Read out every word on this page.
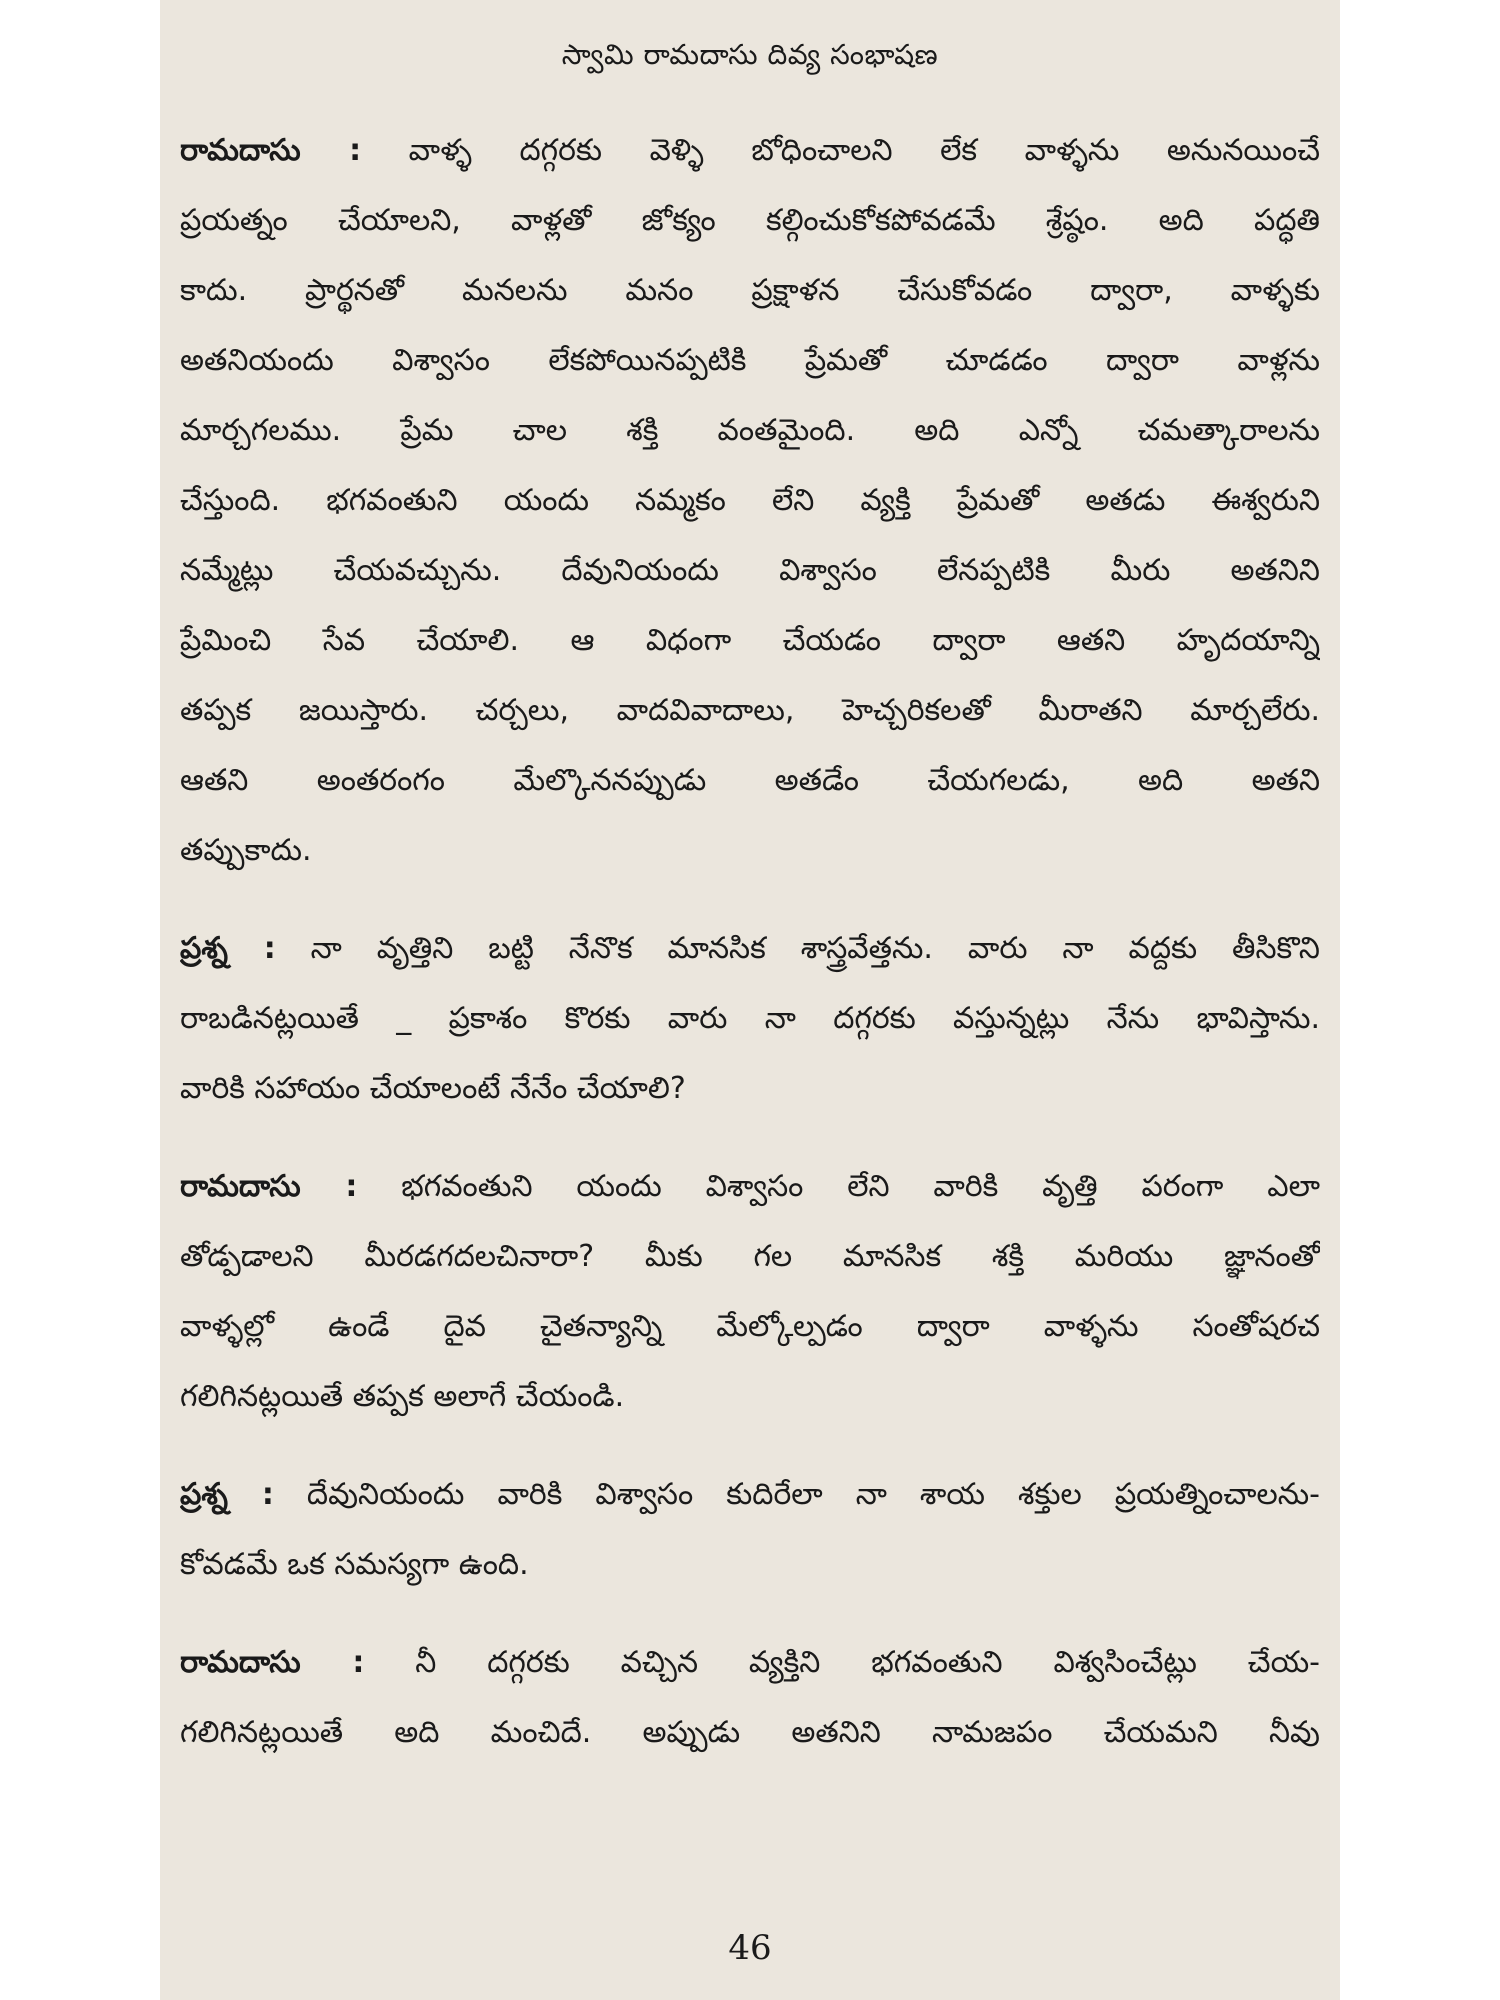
స్వామి రామదాసు దివ్య సంభాషణ
రామదాసు : వాళ్ళ దగ్గరకు వెళ్ళి బోధించాలని లేక వాళ్ళను అనునయించే
ప్రయత్నం చేయాలని, వాళ్లతో జోక్యం కల్గించుకోకపోవడమే శ్రేష్ఠం. అది పద్ధతి
కాదు. ప్రార్థనతో మనలను మనం ప్రక్షాళన చేసుకోవడం ద్వారా, వాళ్ళకు
అతనియందు విశ్వాసం లేకపోయినప్పటికి ప్రేమతో చూడడం ద్వారా వాళ్లను
మార్చగలము. ప్రేమ చాల శక్తి వంతమైంది. అది ఎన్నో చమత్కారాలను
చేస్తుంది. భగవంతుని యందు నమ్మకం లేని వ్యక్తి ప్రేమతో అతడు ఈశ్వరుని
నమ్మేట్లు చేయవచ్చును. దేవునియందు విశ్వాసం లేనప్పటికి మీరు అతనిని
ప్రేమించి సేవ చేయాలి. ఆ విధంగా చేయడం ద్వారా ఆతని హృదయాన్ని
తప్పక జయిస్తారు. చర్చలు, వాదవివాదాలు, హెచ్చరికలతో మీరాతని మార్చలేరు.
ఆతని అంతరంగం మేల్కొననప్పుడు అతడేం చేయగలడు, అది అతని
తప్పుకాదు.
ప్రశ్న : నా వృత్తిని బట్టి నేనొక మానసిక శాస్త్రవేత్తను. వారు నా వద్దకు తీసికొని
రాబడినట్లయితే _ ప్రకాశం కొరకు వారు నా దగ్గరకు వస్తున్నట్లు నేను భావిస్తాను.
వారికి సహాయం చేయాలంటే నేనేం చేయాలి?
రామదాసు : భగవంతుని యందు విశ్వాసం లేని వారికి వృత్తి పరంగా ఎలా
తోడ్పడాలని మీరడగదలచినారా? మీకు గల మానసిక శక్తి మరియు జ్ఞానంతో
వాళ్ళల్లో ఉండే దైవ చైతన్యాన్ని మేల్కోల్పడం ద్వారా వాళ్ళను సంతోషరచ
గలిగినట్లయితే తప్పక అలాగే చేయండి.
ప్రశ్న : దేవునియందు వారికి విశ్వాసం కుదిరేలా నా శాయ శక్తుల ప్రయత్నించాలను-
కోవడమే ఒక సమస్యగా ఉంది.
రామదాసు : నీ దగ్గరకు వచ్చిన వ్యక్తిని భగవంతుని విశ్వసించేట్లు చేయ-
గలిగినట్లయితే అది మంచిదే. అప్పుడు అతనిని నామజపం చేయమని నీవు
46
